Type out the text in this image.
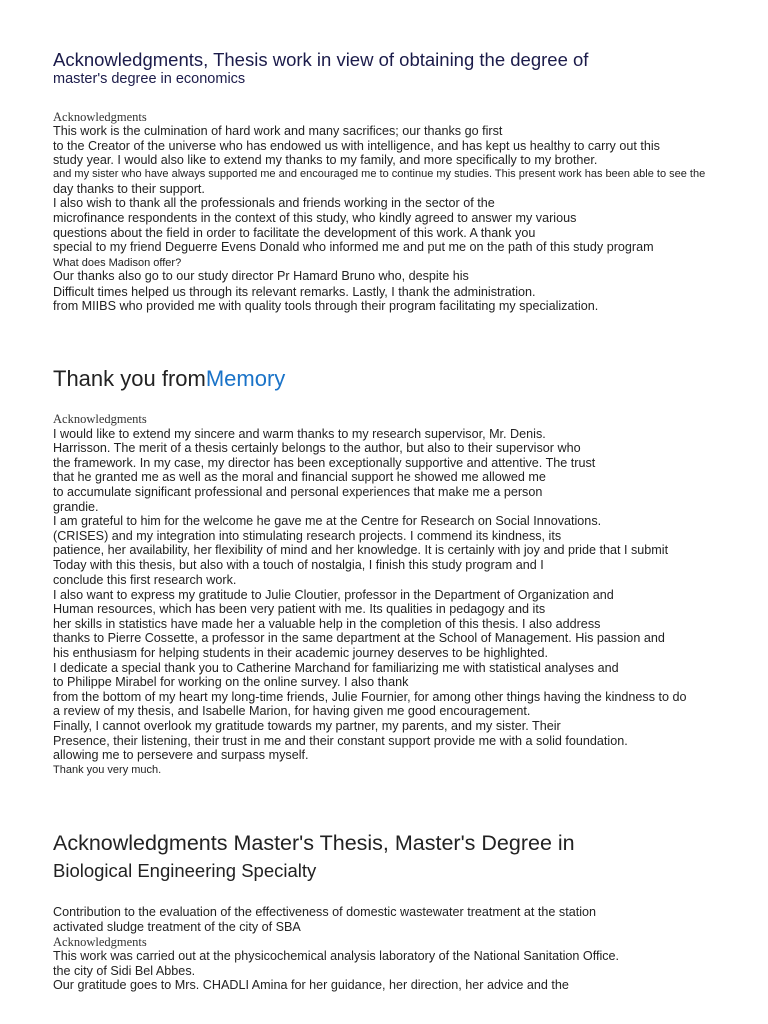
Acknowledgments, Thesis work in view of obtaining the degree of
master's degree in economics
Acknowledgments
This work is the culmination of hard work and many sacrifices; our thanks go first
to the Creator of the universe who has endowed us with intelligence, and has kept us healthy to carry out this
study year. I would also like to extend my thanks to my family, and more specifically to my brother.
and my sister who have always supported me and encouraged me to continue my studies. This present work has been able to see the
day thanks to their support.
I also wish to thank all the professionals and friends working in the sector of the
microfinance respondents in the context of this study, who kindly agreed to answer my various
questions about the field in order to facilitate the development of this work. A thank you
special to my friend Deguerre Evens Donald who informed me and put me on the path of this study program
What does Madison offer?
Our thanks also go to our study director Pr Hamard Bruno who, despite his
Difficult times helped us through its relevant remarks. Lastly, I thank the administration.
from MIIBS who provided me with quality tools through their program facilitating my specialization.
Thank you fromMemory
Acknowledgments
I would like to extend my sincere and warm thanks to my research supervisor, Mr. Denis.
Harrisson. The merit of a thesis certainly belongs to the author, but also to their supervisor who
the framework. In my case, my director has been exceptionally supportive and attentive. The trust
that he granted me as well as the moral and financial support he showed me allowed me
to accumulate significant professional and personal experiences that make me a person
grandie.
I am grateful to him for the welcome he gave me at the Centre for Research on Social Innovations.
(CRISES) and my integration into stimulating research projects. I commend its kindness, its
patience, her availability, her flexibility of mind and her knowledge. It is certainly with joy and pride that I submit
Today with this thesis, but also with a touch of nostalgia, I finish this study program and I
conclude this first research work.
I also want to express my gratitude to Julie Cloutier, professor in the Department of Organization and
Human resources, which has been very patient with me. Its qualities in pedagogy and its
her skills in statistics have made her a valuable help in the completion of this thesis. I also address
thanks to Pierre Cossette, a professor in the same department at the School of Management. His passion and
his enthusiasm for helping students in their academic journey deserves to be highlighted.
I dedicate a special thank you to Catherine Marchand for familiarizing me with statistical analyses and
to Philippe Mirabel for working on the online survey. I also thank
from the bottom of my heart my long-time friends, Julie Fournier, for among other things having the kindness to do
a review of my thesis, and Isabelle Marion, for having given me good encouragement.
Finally, I cannot overlook my gratitude towards my partner, my parents, and my sister. Their
Presence, their listening, their trust in me and their constant support provide me with a solid foundation.
allowing me to persevere and surpass myself.
Thank you very much.
Acknowledgments Master's Thesis, Master's Degree in
Biological Engineering Specialty
Contribution to the evaluation of the effectiveness of domestic wastewater treatment at the station
activated sludge treatment of the city of SBA
Acknowledgments
This work was carried out at the physicochemical analysis laboratory of the National Sanitation Office.
the city of Sidi Bel Abbes.
Our gratitude goes to Mrs. CHADLI Amina for her guidance, her direction, her advice and the
